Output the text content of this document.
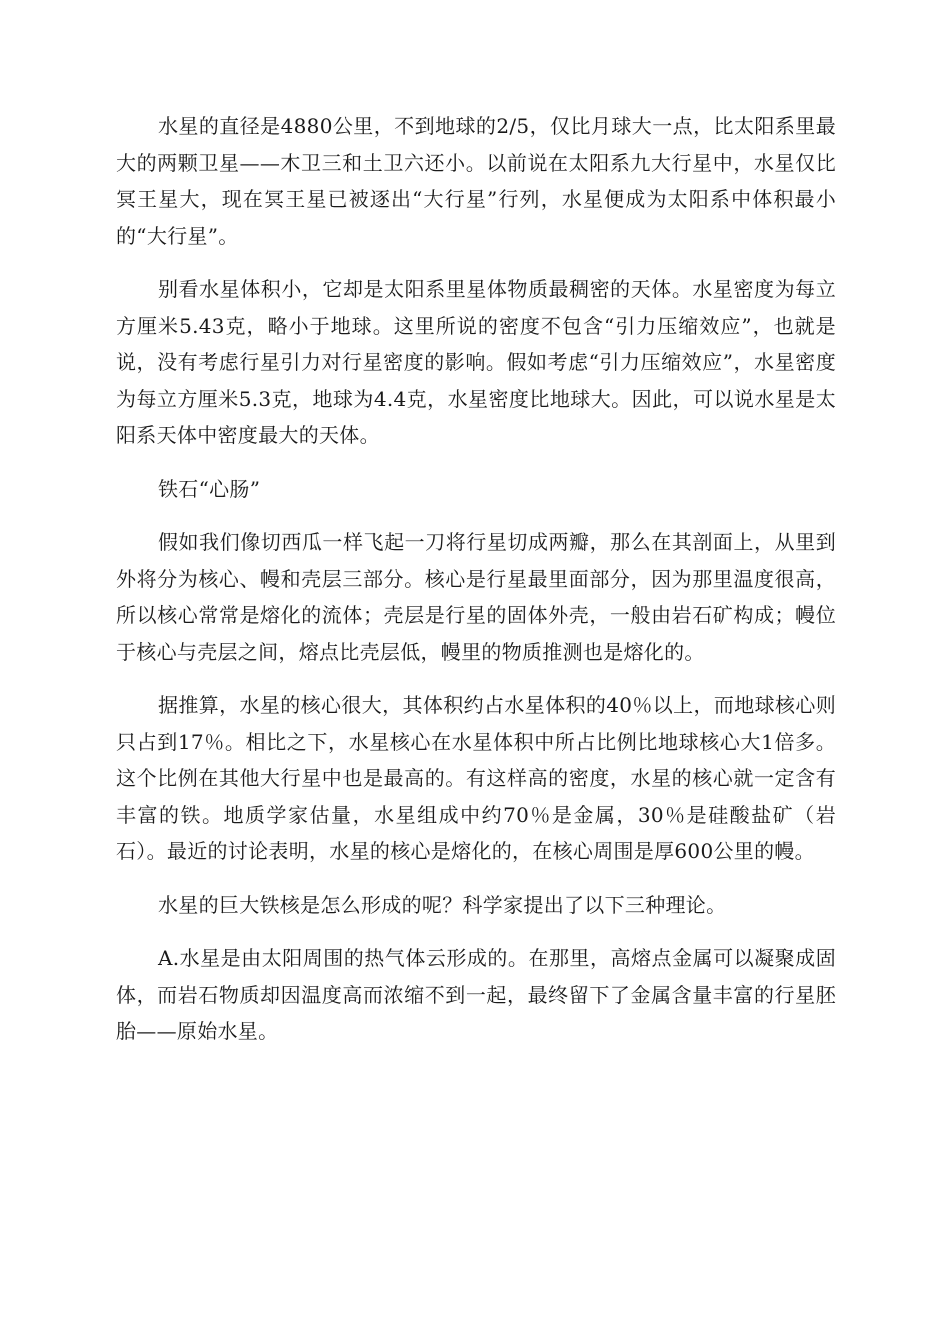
水星的直径是4880公里，不到地球的2/5，仅比月球大一点，比太阳系里最大的两颗卫星——木卫三和土卫六还小。以前说在太阳系九大行星中，水星仅比冥王星大，现在冥王星已被逐出“大行星”行列，水星便成为太阳系中体积最小的“大行星”。

别看水星体积小，它却是太阳系里星体物质最稠密的天体。水星密度为每立方厘米5.43克，略小于地球。这里所说的密度不包含“引力压缩效应”，也就是说，没有考虑行星引力对行星密度的影响。假如考虑“引力压缩效应”，水星密度为每立方厘米5.3克，地球为4.4克，水星密度比地球大。因此，可以说水星是太阳系天体中密度最大的天体。

铁石“心肠”

假如我们像切西瓜一样飞起一刀将行星切成两瓣，那么在其剖面上，从里到外将分为核心、幔和壳层三部分。核心是行星最里面部分，因为那里温度很高，所以核心常常是熔化的流体；壳层是行星的固体外壳，一般由岩石矿构成；幔位于核心与壳层之间，熔点比壳层低，幔里的物质推测也是熔化的。

据推算，水星的核心很大，其体积约占水星体积的40％以上，而地球核心则只占到17％。相比之下，水星核心在水星体积中所占比例比地球核心大1倍多。这个比例在其他大行星中也是最高的。有这样高的密度，水星的核心就一定含有丰富的铁。地质学家估量，水星组成中约70％是金属，30％是硅酸盐矿（岩石）。最近的讨论表明，水星的核心是熔化的，在核心周围是厚600公里的幔。

水星的巨大铁核是怎么形成的呢？科学家提出了以下三种理论。

A.水星是由太阳周围的热气体云形成的。在那里，高熔点金属可以凝聚成固体，而岩石物质却因温度高而浓缩不到一起，最终留下了金属含量丰富的行星胚胎——原始水星。
